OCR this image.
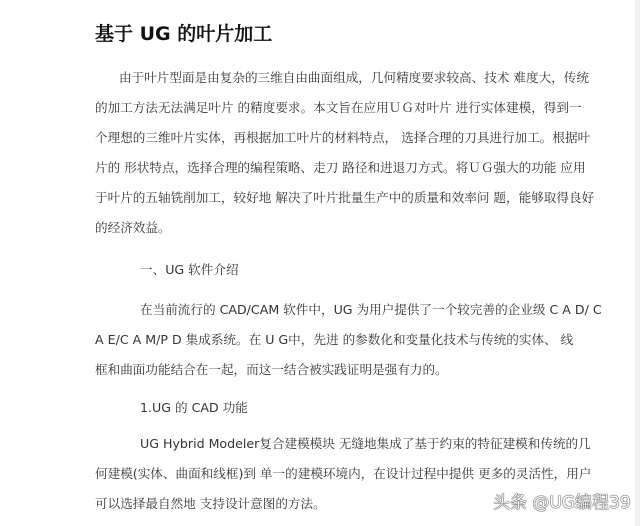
基于 UG 的叶片加工
由于叶片型面是由复杂的三维自由曲面组成，几何精度要求较高、技术 难度大，传统
的加工方法无法满足叶片 的精度要求。本文旨在应用ＵＧ对叶片 进行实体建模，得到一
个理想的三维叶片实体，再根据加工叶片的材料特点， 选择合理的刀具进行加工。根据叶
片的 形状特点，选择合理的编程策略、走刀 路径和进退刀方式。将ＵＧ强大的功能 应用
于叶片的五轴铣削加工，较好地 解决了叶片批量生产中的质量和效率问 题，能够取得良好
的经济效益。
一、UG 软件介绍
在当前流行的 CAD/CAM 软件中，UG 为用户提供了一个较完善的企业级 C A D/ C
A E/C A M/P D 集成系统。在 U G中，先进 的参数化和变量化技术与传统的实体、 线
框和曲面功能结合在一起，而这一结合被实践证明是强有力的。
1.UG 的 CAD 功能
UG Hybrid Modeler复合建模模块 无缝地集成了基于约束的特征建模和传统的几
何建模(实体、曲面和线框)到 单一的建模环境内，在设计过程中提供 更多的灵活性，用户
可以选择最自然地 支持设计意图的方法。	头条 @UG编程39
